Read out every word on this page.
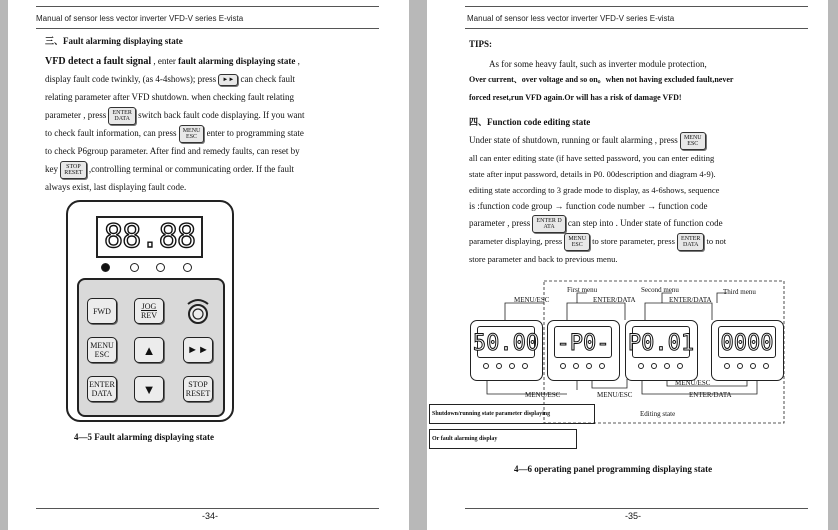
Manual of sensor less vector inverter VFD-V series E-vista
三、Fault alarming displaying state
VFD detect a fault signal , enter fault alarming displaying state ,
display fault code twinkly, (as 4-4shows); press ►► can check fault
relating parameter after VFD shutdown. when checking fault relating
parameter , press ENTER
DATA switch back fault code displaying. If you want
to check fault information, can press MENU
ESC enter to programming state
to check P6group parameter. After find and remedy faults, can reset by
key STOP
RESET ,controlling terminal or communicating order. If the fault
always exist, last displaying fault code.
88.88
FWD	JOG
$\overline{REV}$
MENU
ESC	▲	►►
ENTER
DATA ▼	STOP
RESET
4—5 Fault alarming displaying state
-34-
Manual of sensor less vector inverter VFD-V series E-vista
TIPS:
As for some heavy fault, such as inverter module protection,
Over current、over voltage and so on。when not having excluded fault,never
forced reset,run VFD again.Or will has a risk of damage VFD!
四、Function code editing state
Under state of shutdown, running or fault alarming , press MENU
ESC
all can enter editing state (if have setted password, you can enter editing
state after input password, details in P0. 00description and diagram 4-9).
editing state according to 3 grade mode to display, as 4-6shows, sequence
is :function code group → function code number → function code
parameter , press ENTER D
ATA can step into . Under state of function code
parameter displaying, press MENU
ESC to store parameter, press ENTER
DATA to not
store parameter and back to previous menu.
MENU/ESC
First menu
ENTER/DATA
Second menu
ENTER/DATA
Third menu
50.00 -P0- P0.01 0000
MENU/ESC
MENU/ESC	MENU/ESC	ENTER/DATA
Editing state
Shutdown/running state parameter displaying
Or fault alarming display
4—6 operating panel programming displaying state
-35-
